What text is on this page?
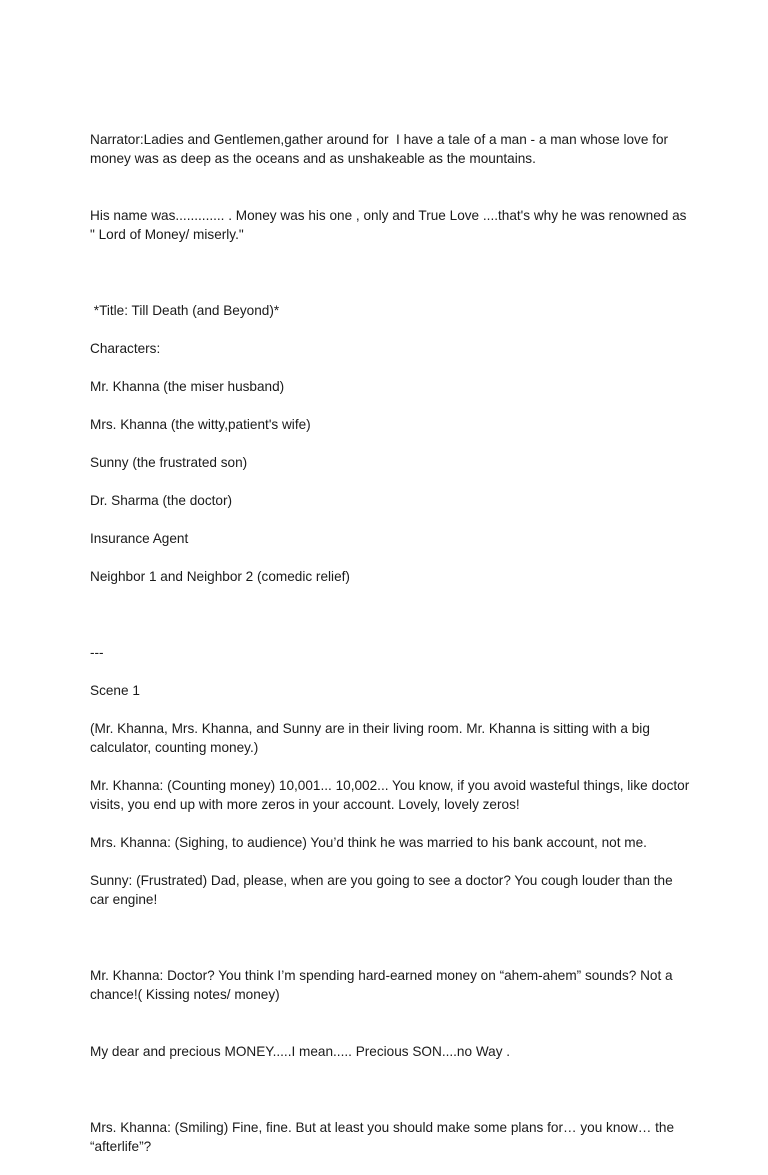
Narrator:Ladies and Gentlemen,gather around for  I have a tale of a man - a man whose love for money was as deep as the oceans and as unshakeable as the mountains.

His name was............. . Money was his one , only and True Love ....that's why he was renowned as " Lord of Money/ miserly."

*Title: Till Death (and Beyond)*
Characters:
Mr. Khanna (the miser husband)
Mrs. Khanna (the witty,patient's wife)
Sunny (the frustrated son)
Dr. Sharma (the doctor)
Insurance Agent
Neighbor 1 and Neighbor 2 (comedic relief)
---
Scene 1
(Mr. Khanna, Mrs. Khanna, and Sunny are in their living room. Mr. Khanna is sitting with a big calculator, counting money.)
Mr. Khanna: (Counting money) 10,001... 10,002... You know, if you avoid wasteful things, like doctor visits, you end up with more zeros in your account. Lovely, lovely zeros!
Mrs. Khanna: (Sighing, to audience) You’d think he was married to his bank account, not me.
Sunny: (Frustrated) Dad, please, when are you going to see a doctor? You cough louder than the car engine!

Mr. Khanna: Doctor? You think I’m spending hard-earned money on “ahem-ahem” sounds? Not a chance!( Kissing notes/ money)

My dear and precious MONEY.....I mean..... Precious SON....no Way .

Mrs. Khanna: (Smiling) Fine, fine. But at least you should make some plans for… you know… the “afterlife”?
